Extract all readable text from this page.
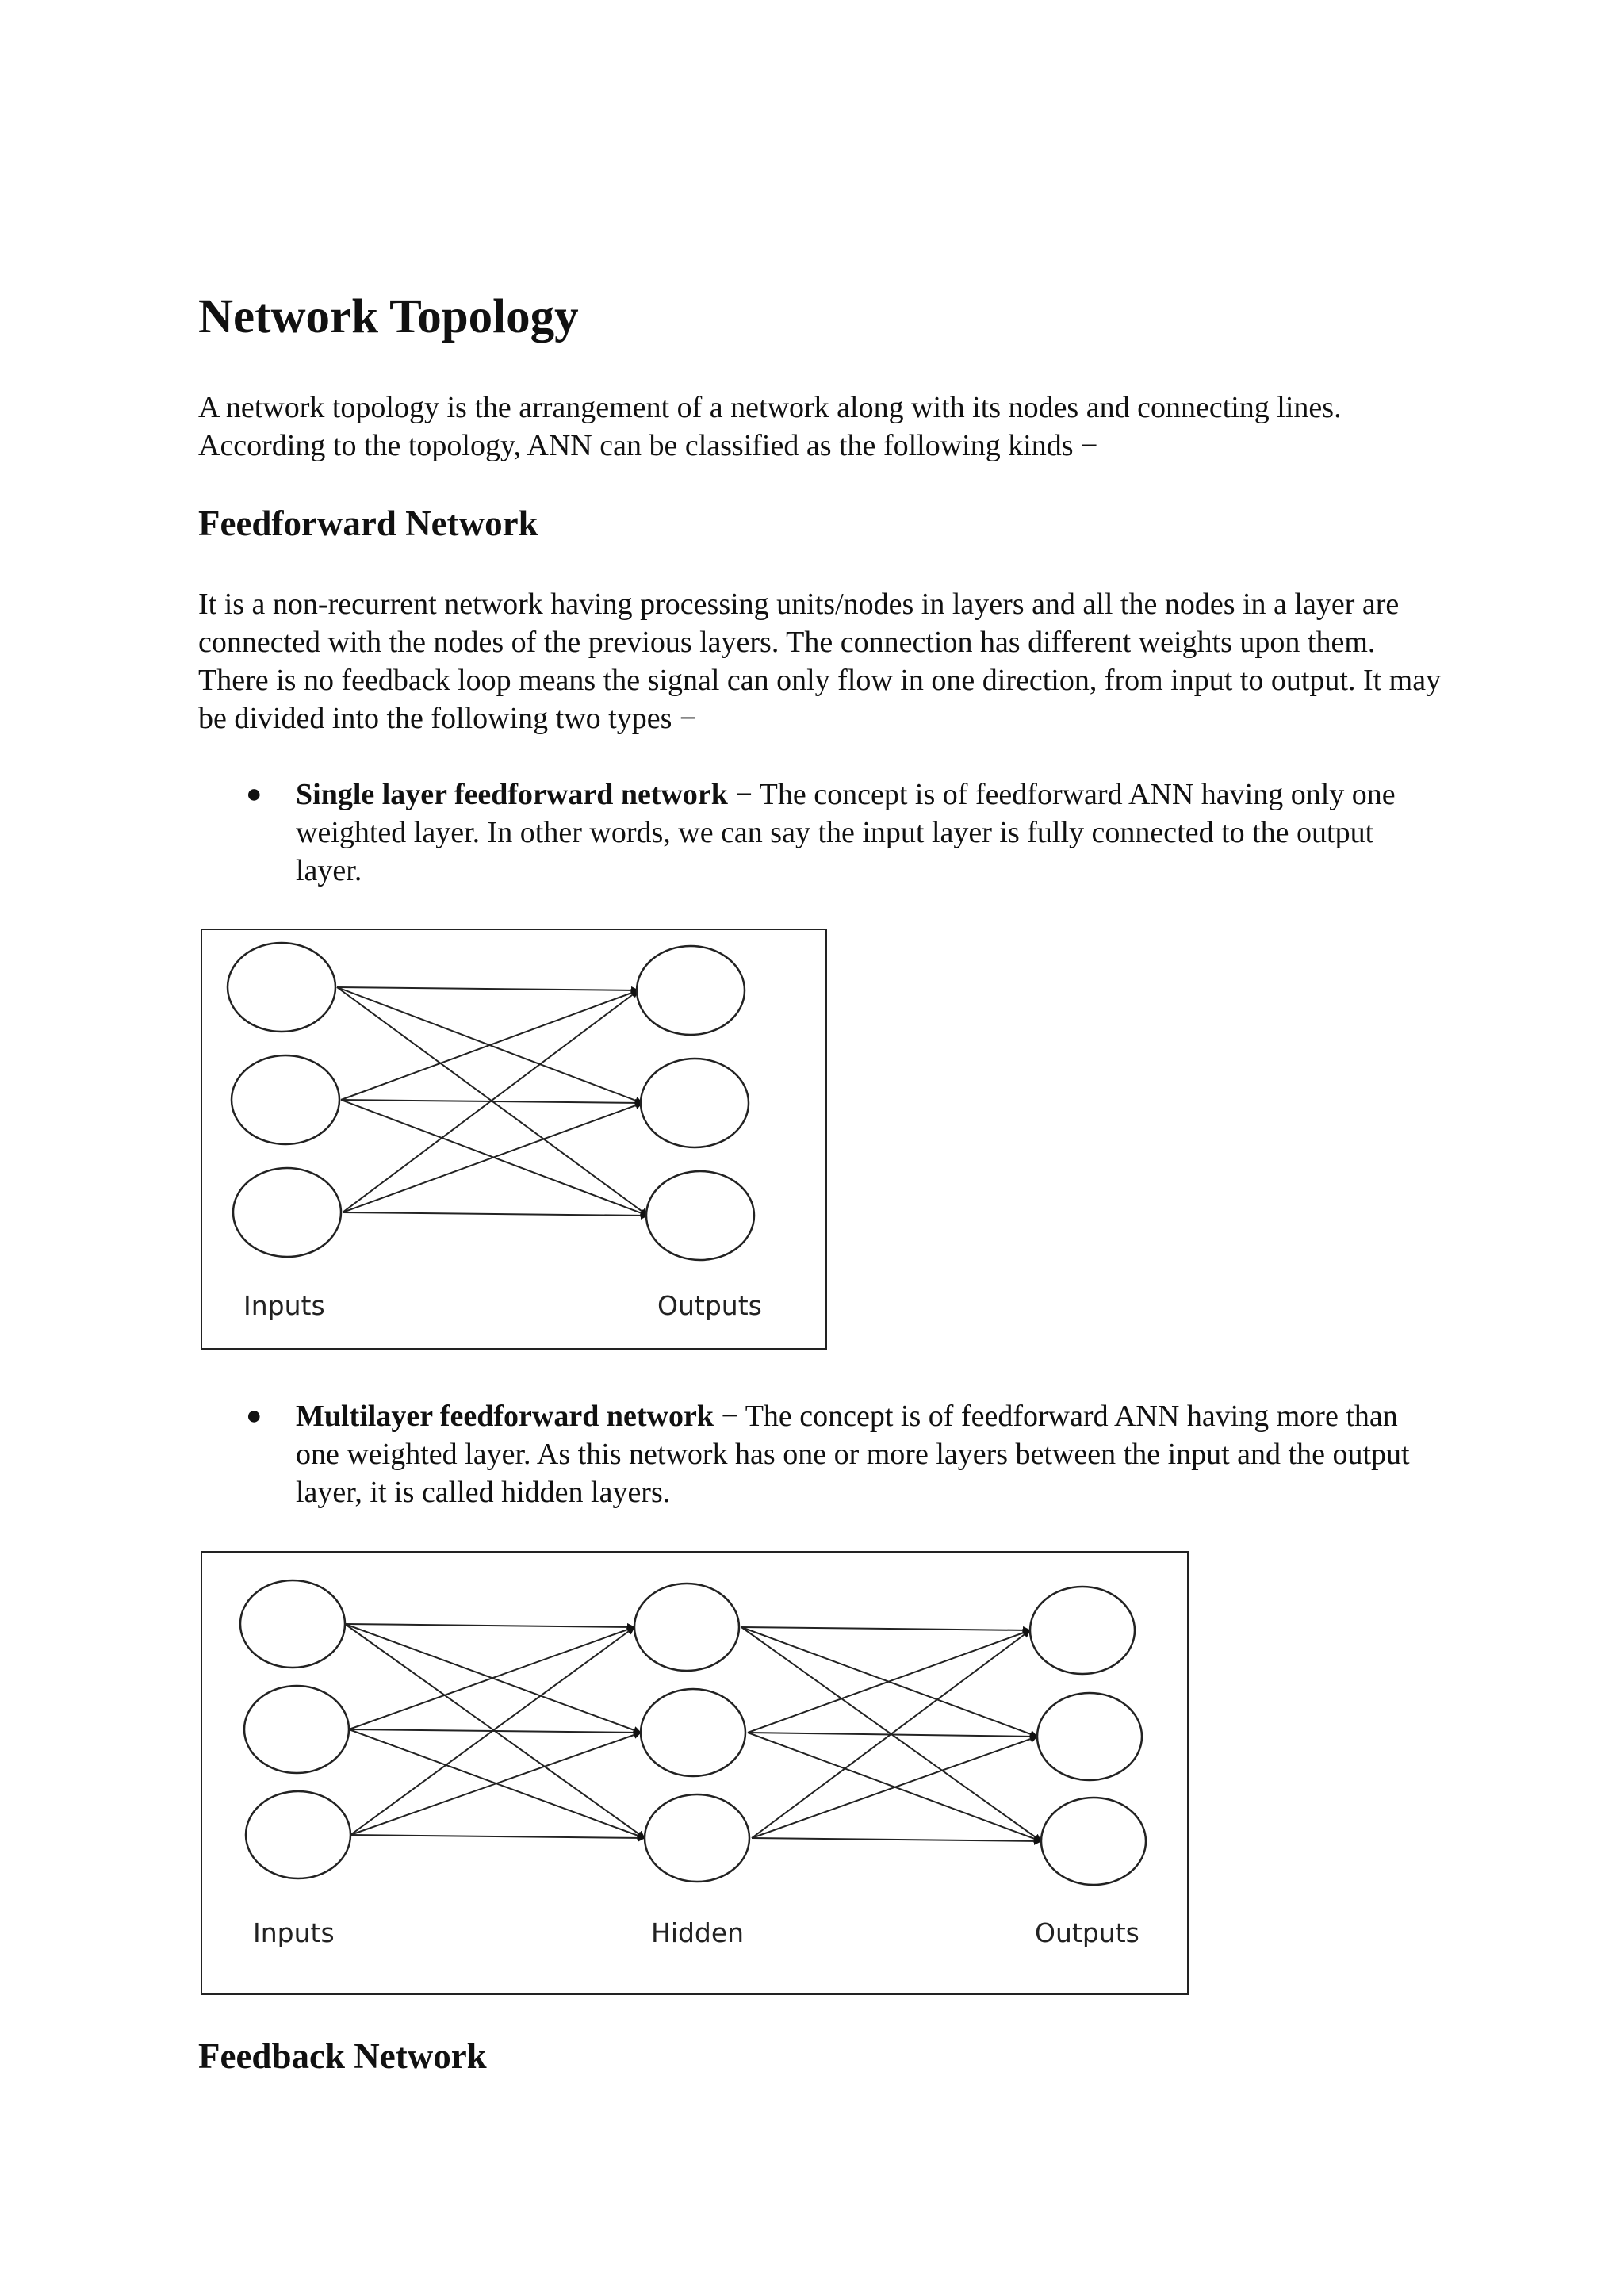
Network Topology

A network topology is the arrangement of a network along with its nodes and connecting lines. According to the topology, ANN can be classified as the following kinds −

Feedforward Network

It is a non-recurrent network having processing units/nodes in layers and all the nodes in a layer are connected with the nodes of the previous layers. The connection has different weights upon them. There is no feedback loop means the signal can only flow in one direction, from input to output. It may be divided into the following two types −

● Single layer feedforward network − The concept is of feedforward ANN having only one weighted layer. In other words, we can say the input layer is fully connected to the output layer.

Inputs	Outputs
● Multilayer feedforward network − The concept is of feedforward ANN having more than one weighted layer. As this network has one or more layers between the input and the output layer, it is called hidden layers.

Inputs	Hidden	Outputs
Feedback Network
